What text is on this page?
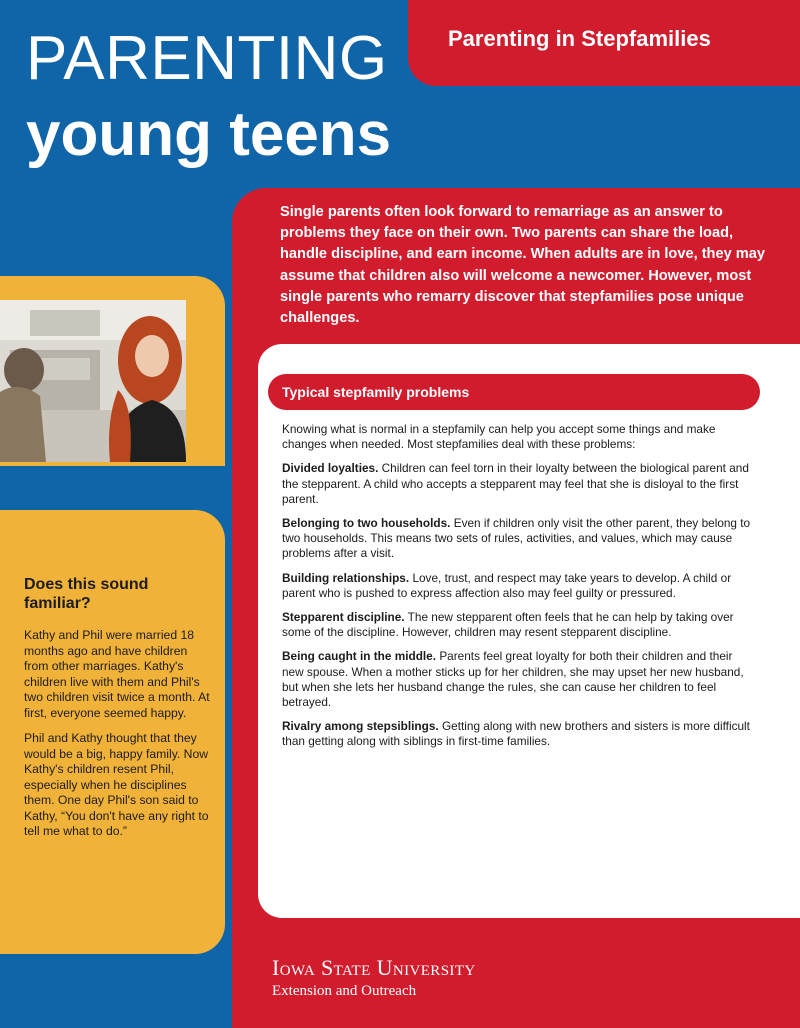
PARENTING
young teens
Parenting in Stepfamilies
Single parents often look forward to remarriage as an answer to problems they face on their own. Two parents can share the load, handle discipline, and earn income. When adults are in love, they may assume that children also will welcome a newcomer. However, most single parents who remarry discover that stepfamilies pose unique challenges.
Typical stepfamily problems

Knowing what is normal in a stepfamily can help you accept some things and make changes when needed. Most stepfamilies deal with these problems:

Divided loyalties. Children can feel torn in their loyalty between the biological parent and the stepparent. A child who accepts a stepparent may feel that she is disloyal to the first parent.

Belonging to two households. Even if children only visit the other parent, they belong to two households. This means two sets of rules, activities, and values, which may cause problems after a visit.

Building relationships. Love, trust, and respect may take years to develop. A child or parent who is pushed to express affection also may feel guilty or pressured.

Stepparent discipline. The new stepparent often feels that he can help by taking over some of the discipline. However, children may resent stepparent discipline.

Being caught in the middle. Parents feel great loyalty for both their children and their new spouse. When a mother sticks up for her children, she may upset her new husband, but when she lets her husband change the rules, she can cause her children to feel betrayed.

Rivalry among stepsiblings. Getting along with new brothers and sisters is more difficult than getting along with siblings in first-time families.

Does this sound familiar?

Kathy and Phil were married 18 months ago and have children from other marriages. Kathy's children live with them and Phil's two children visit twice a month. At first, everyone seemed happy.

Phil and Kathy thought that they would be a big, happy family. Now Kathy's children resent Phil, especially when he disciplines them. One day Phil's son said to Kathy, “You don't have any right to tell me what to do.”

Iowa State University
Extension and Outreach
